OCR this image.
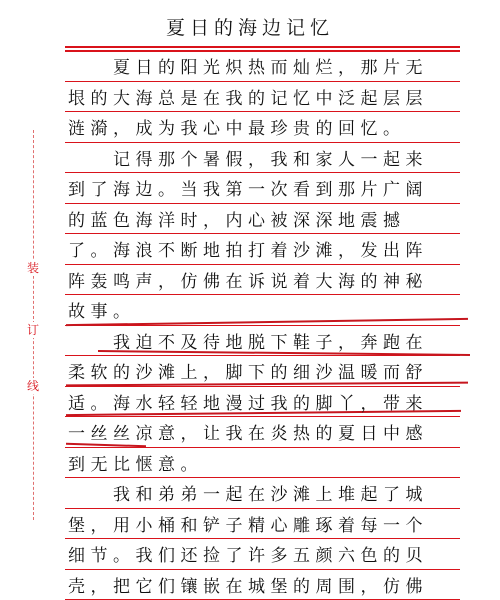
夏日的海边记忆
装
订
线
　　夏日的阳光炽热而灿烂，那片无
垠的大海总是在我的记忆中泛起层层
涟漪，成为我心中最珍贵的回忆。
　　记得那个暑假，我和家人一起来
到了海边。当我第一次看到那片广阔
的蓝色海洋时，内心被深深地震撼
了。海浪不断地拍打着沙滩，发出阵
阵轰鸣声，仿佛在诉说着大海的神秘
故事。
　　我迫不及待地脱下鞋子，奔跑在
柔软的沙滩上，脚下的细沙温暖而舒
适。海水轻轻地漫过我的脚丫，带来
一丝丝凉意，让我在炎热的夏日中感
到无比惬意。
　　我和弟弟一起在沙滩上堆起了城
堡，用小桶和铲子精心雕琢着每一个
细节。我们还捡了许多五颜六色的贝
壳，把它们镶嵌在城堡的周围，仿佛
